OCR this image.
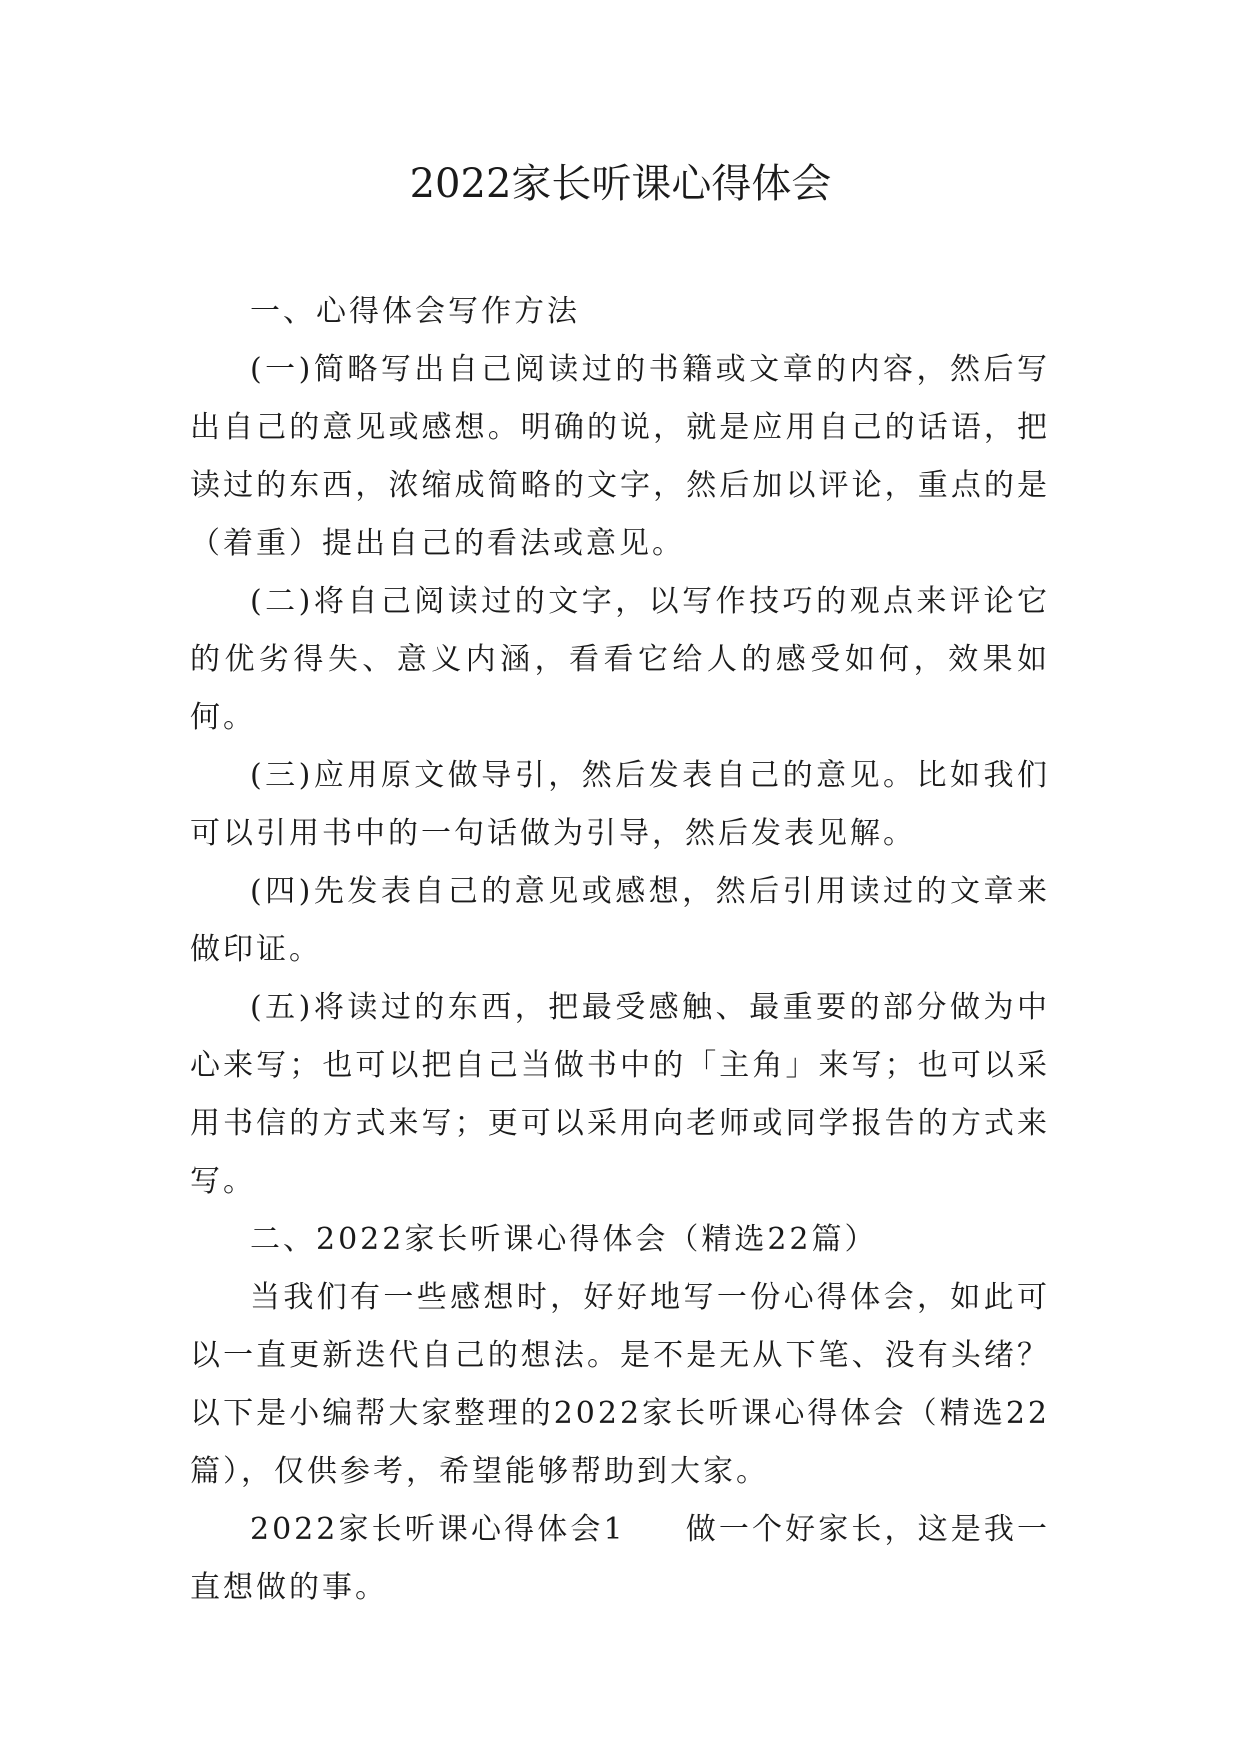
2022家长听课心得体会

一、心得体会写作方法

(一)简略写出自己阅读过的书籍或文章的内容，然后写出自己的意见或感想。明确的说，就是应用自己的话语，把读过的东西，浓缩成简略的文字，然后加以评论，重点的是（着重）提出自己的看法或意见。

(二)将自己阅读过的文字，以写作技巧的观点来评论它的优劣得失、意义内涵，看看它给人的感受如何，效果如何。

(三)应用原文做导引，然后发表自己的意见。比如我们可以引用书中的一句话做为引导，然后发表见解。

(四)先发表自己的意见或感想，然后引用读过的文章来做印证。

(五)将读过的东西，把最受感触、最重要的部分做为中心来写；也可以把自己当做书中的「主角」来写；也可以采用书信的方式来写；更可以采用向老师或同学报告的方式来写。

二、2022家长听课心得体会（精选22篇）

当我们有一些感想时，好好地写一份心得体会，如此可以一直更新迭代自己的想法。是不是无从下笔、没有头绪？以下是小编帮大家整理的2022家长听课心得体会（精选22篇），仅供参考，希望能够帮助到大家。

2022家长听课心得体会1 做一个好家长，这是我一直想做的事。
